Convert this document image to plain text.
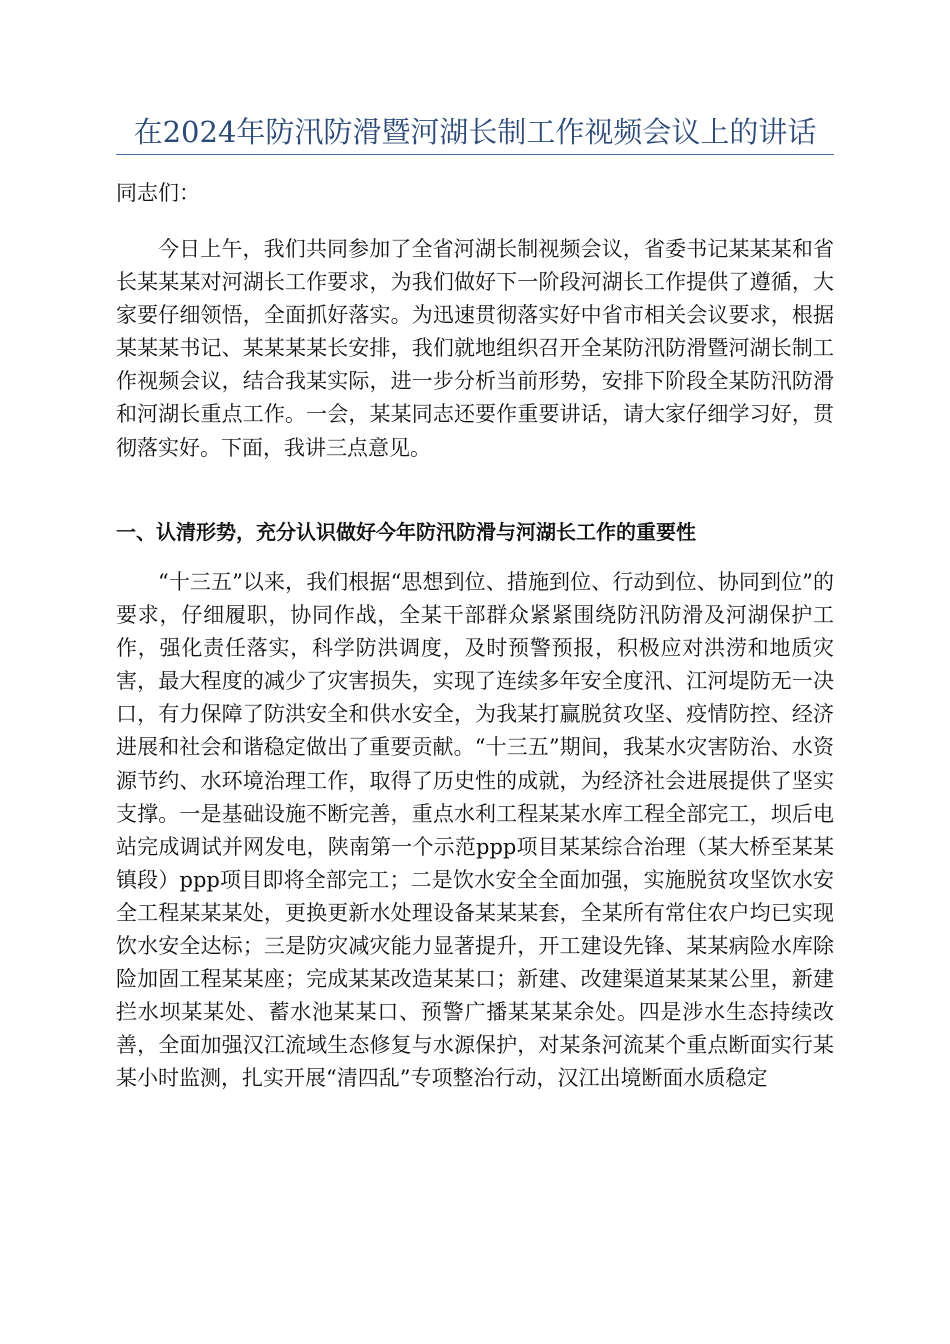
在2024年防汛防滑暨河湖长制工作视频会议上的讲话
同志们：
今日上午，我们共同参加了全省河湖长制视频会议，省委书记某某某和省长某某某对河湖长工作要求，为我们做好下一阶段河湖长工作提供了遵循，大家要仔细领悟，全面抓好落实。为迅速贯彻落实好中省市相关会议要求，根据某某某书记、某某某某长安排，我们就地组织召开全某防汛防滑暨河湖长制工作视频会议，结合我某实际，进一步分析当前形势，安排下阶段全某防汛防滑和河湖长重点工作。一会，某某同志还要作重要讲话，请大家仔细学习好，贯彻落实好。下面，我讲三点意见。
一、认清形势，充分认识做好今年防汛防滑与河湖长工作的重要性
“十三五”以来，我们根据“思想到位、措施到位、行动到位、协同到位”的要求，仔细履职，协同作战，全某干部群众紧紧围绕防汛防滑及河湖保护工作，强化责任落实，科学防洪调度，及时预警预报，积极应对洪涝和地质灾害，最大程度的减少了灾害损失，实现了连续多年安全度汛、江河堤防无一决口，有力保障了防洪安全和供水安全，为我某打赢脱贫攻坚、疫情防控、经济进展和社会和谐稳定做出了重要贡献。“十三五”期间，我某水灾害防治、水资源节约、水环境治理工作，取得了历史性的成就，为经济社会进展提供了坚实支撑。一是基础设施不断完善，重点水利工程某某水库工程全部完工，坝后电站完成调试并网发电，陕南第一个示范ppp项目某某综合治理（某大桥至某某镇段）ppp项目即将全部完工；二是饮水安全全面加强，实施脱贫攻坚饮水安全工程某某某处，更换更新水处理设备某某某套，全某所有常住农户均已实现饮水安全达标；三是防灾减灾能力显著提升，开工建设先锋、某某病险水库除险加固工程某某座；完成某某改造某某口；新建、改建渠道某某某公里，新建拦水坝某某处、蓄水池某某口、预警广播某某某余处。四是涉水生态持续改善，全面加强汉江流域生态修复与水源保护，对某条河流某个重点断面实行某某小时监测，扎实开展“清四乱”专项整治行动，汉江出境断面水质稳定
